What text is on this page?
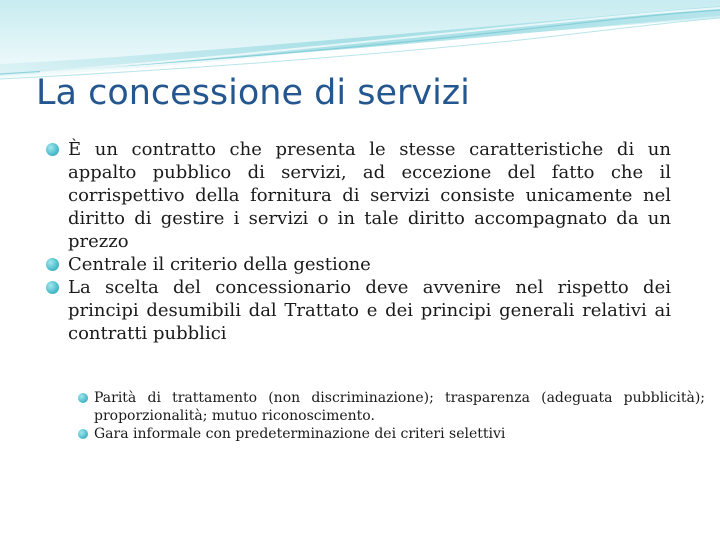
La concessione di servizi
È un contratto che presenta le stesse caratteristiche di un appalto pubblico di servizi, ad eccezione del fatto che il corrispettivo della fornitura di servizi consiste unicamente nel diritto di gestire i servizi o in tale diritto accompagnato da un prezzo
Centrale il criterio della gestione
La scelta del concessionario deve avvenire nel rispetto dei principi desumibili dal Trattato e dei principi generali relativi ai contratti pubblici
Parità di trattamento (non discriminazione); trasparenza (adeguata pubblicità); proporzionalità; mutuo riconoscimento.
Gara informale con predeterminazione dei criteri selettivi
